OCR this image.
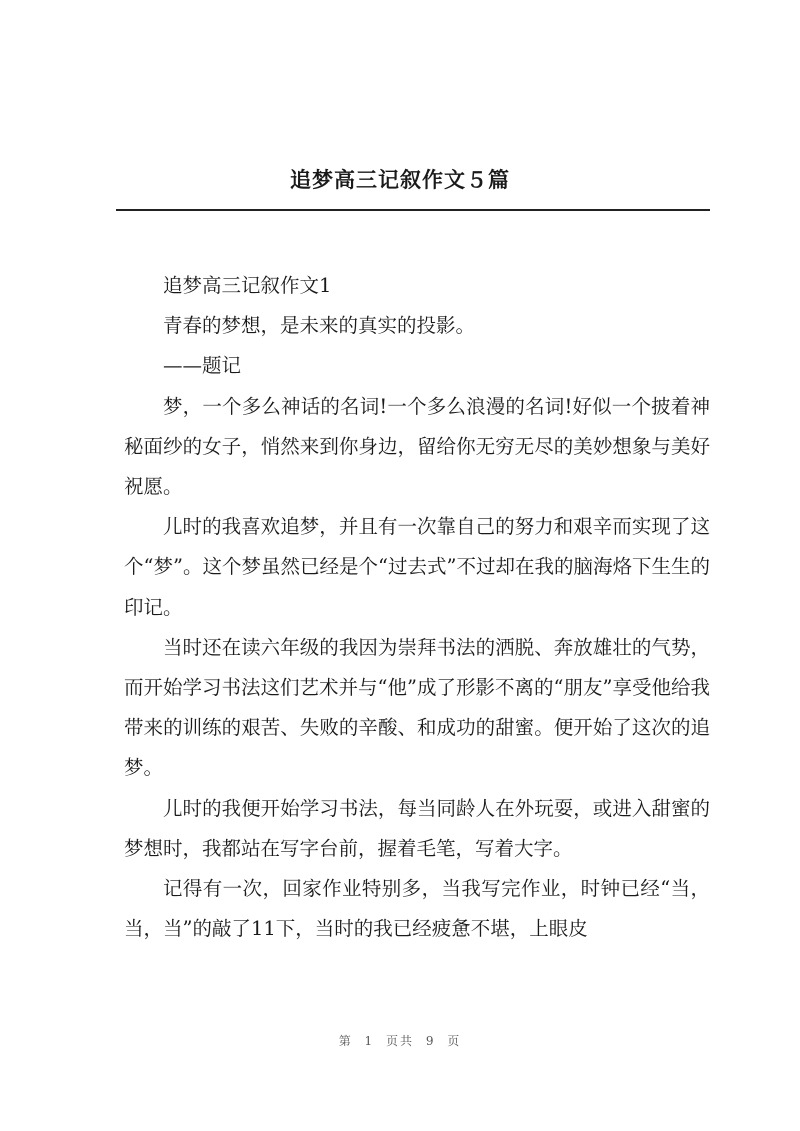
追梦高三记叙作文５篇

追梦高三记叙作文1

青春的梦想，是未来的真实的投影。

——题记

梦，一个多么神话的名词!一个多么浪漫的名词!好似一个披着神秘面纱的女子，悄然来到你身边，留给你无穷无尽的美妙想象与美好祝愿。

儿时的我喜欢追梦，并且有一次靠自己的努力和艰辛而实现了这个“梦”。这个梦虽然已经是个“过去式”不过却在我的脑海烙下生生的印记。

当时还在读六年级的我因为崇拜书法的洒脱、奔放雄壮的气势，而开始学习书法这们艺术并与“他”成了形影不离的“朋友”享受他给我带来的训练的艰苦、失败的辛酸、和成功的甜蜜。便开始了这次的追梦。

儿时的我便开始学习书法，每当同龄人在外玩耍，或进入甜蜜的梦想时，我都站在写字台前，握着毛笔，写着大字。

记得有一次，回家作业特别多，当我写完作业，时钟已经“当，当，当”的敲了11下，当时的我已经疲惫不堪，上眼皮

第 1 页共 9 页
